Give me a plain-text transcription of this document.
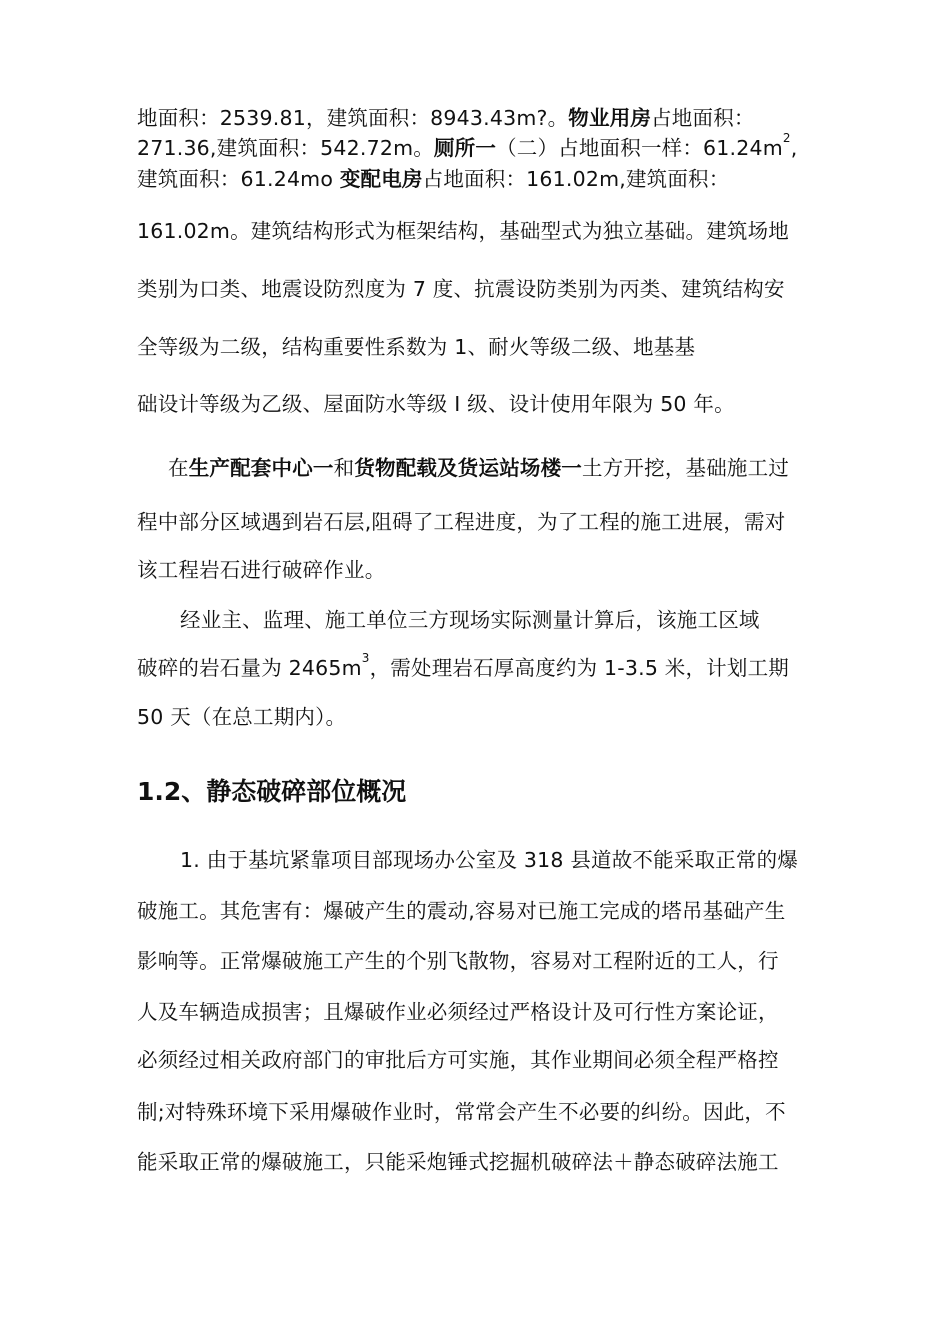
地面积：2539.81，建筑面积：8943.43m?。物业用房占地面积：
271.36,建筑面积：542.72m。厕所一（二）占地面积一样：$61.24m^2$,
建筑面积：61.24mo 变配电房占地面积：161.02m,建筑面积：
161.02m。建筑结构形式为框架结构，基础型式为独立基础。建筑场地
类别为口类、地震设防烈度为 7 度、抗震设防类别为丙类、建筑结构安
全等级为二级，结构重要性系数为 1、耐火等级二级、地基基
础设计等级为乙级、屋面防水等级 Ⅰ 级、设计使用年限为 50 年。
在生产配套中心一和货物配载及货运站场楼一土方开挖，基础施工过
程中部分区域遇到岩石层,阻碍了工程进度，为了工程的施工进展，需对
该工程岩石进行破碎作业。
经业主、监理、施工单位三方现场实际测量计算后，该施工区域
破碎的岩石量为 $2465m^3$，需处理岩石厚高度约为 1-3.5 米，计划工期
50 天（在总工期内）。
1. 由于基坑紧靠项目部现场办公室及 318 县道故不能采取正常的爆
破施工。其危害有：爆破产生的震动,容易对已施工完成的塔吊基础产生
影响等。正常爆破施工产生的个别飞散物，容易对工程附近的工人，行
人及车辆造成损害；且爆破作业必须经过严格设计及可行性方案论证，
必须经过相关政府部门的审批后方可实施，其作业期间必须全程严格控
制;对特殊环境下采用爆破作业时，常常会产生不必要的纠纷。因此，不
能采取正常的爆破施工，只能采炮锤式挖掘机破碎法＋静态破碎法施工
1.2、静态破碎部位概况
